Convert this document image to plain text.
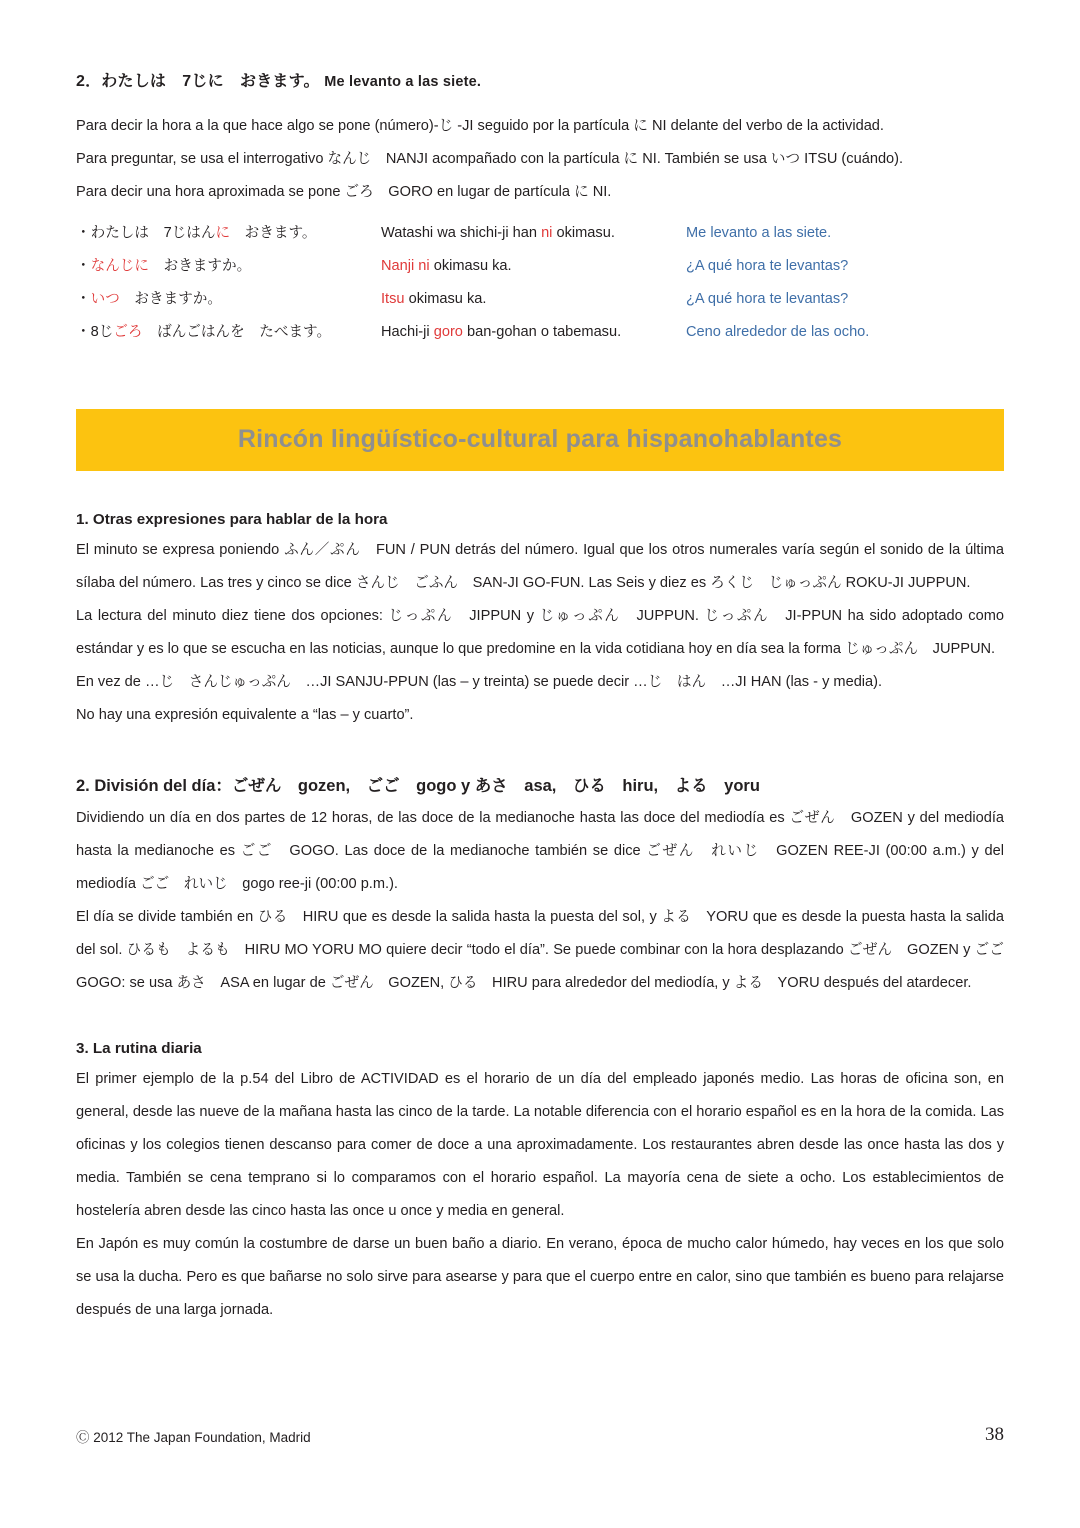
2．わたしは　7じに　おきます。 Me levanto a las siete.

Para decir la hora a la que hace algo se pone (número)-じ -JI seguido por la partícula に NI delante del verbo de la actividad.

Para preguntar, se usa el interrogativo なんじ　NANJI acompañado con la partícula に NI. También se usa いつ ITSU (cuándo).

Para decir una hora aproximada se pone ごろ　GORO en lugar de partícula に NI.

・わたしは　7じはんに　おきます。	Watashi wa shichi-ji han ni okimasu.	Me levanto a las siete.
・なんじに　おきますか。	Nanji ni okimasu ka.	¿A qué hora te levantas?
・いつ　おきますか。	Itsu okimasu ka.	¿A qué hora te levantas?
・8じごろ　ばんごはんを　たべます。	Hachi-ji goro ban-gohan o tabemasu.	Ceno alrededor de las ocho.
Rincón lingüístico-cultural para hispanohablantes
1. Otras expresiones para hablar de la hora

El minuto se expresa poniendo ふん／ぷん　FUN / PUN detrás del número. Igual que los otros numerales varía según el sonido de la última sílaba del número. Las tres y cinco se dice さんじ　ごふん　SAN-JI GO-FUN. Las Seis y diez es ろくじ　じゅっぷん ROKU-JI JUPPUN.

La lectura del minuto diez tiene dos opciones: じっぷん　JIPPUN y じゅっぷん　JUPPUN. じっぷん　JI-PPUN ha sido adoptado como estándar y es lo que se escucha en las noticias, aunque lo que predomine en la vida cotidiana hoy en día sea la forma じゅっぷん　JUPPUN.

En vez de …じ　さんじゅっぷん　…JI SANJU-PPUN (las – y treinta) se puede decir …じ　はん　…JI HAN (las - y media).

No hay una expresión equivalente a “las – y cuarto”.

2. División del día：ごぜん　gozen,　ごご　gogo y あさ　asa,　ひる　hiru,　よる　yoru

Dividiendo un día en dos partes de 12 horas, de las doce de la medianoche hasta las doce del mediodía es ごぜん　GOZEN y del mediodía hasta la medianoche es ごご　GOGO. Las doce de la medianoche también se dice ごぜん　れいじ　GOZEN REE-JI (00:00 a.m.) y del mediodía ごご　れいじ　gogo ree-ji (00:00 p.m.).

El día se divide también en ひる　HIRU que es desde la salida hasta la puesta del sol, y よる　YORU que es desde la puesta hasta la salida del sol. ひるも　よるも　HIRU MO YORU MO quiere decir “todo el día”. Se puede combinar con la hora desplazando ごぜん　GOZEN y ごご　GOGO: se usa あさ　ASA en lugar de ごぜん　GOZEN, ひる　HIRU para alrededor del mediodía, y よる　YORU después del atardecer.

3. La rutina diaria

El primer ejemplo de la p.54 del Libro de ACTIVIDAD es el horario de un día del empleado japonés medio. Las horas de oficina son, en general, desde las nueve de la mañana hasta las cinco de la tarde. La notable diferencia con el horario español es en la hora de la comida. Las oficinas y los colegios tienen descanso para comer de doce a una aproximadamente. Los restaurantes abren desde las once hasta las dos y media. También se cena temprano si lo comparamos con el horario español. La mayoría cena de siete a ocho. Los establecimientos de hostelería abren desde las cinco hasta las once u once y media en general.

En Japón es muy común la costumbre de darse un buen baño a diario. En verano, época de mucho calor húmedo, hay veces en los que solo se usa la ducha. Pero es que bañarse no solo sirve para asearse y para que el cuerpo entre en calor, sino que también es bueno para relajarse después de una larga jornada.

Ⓒ 2012 The Japan Foundation, Madrid	38
